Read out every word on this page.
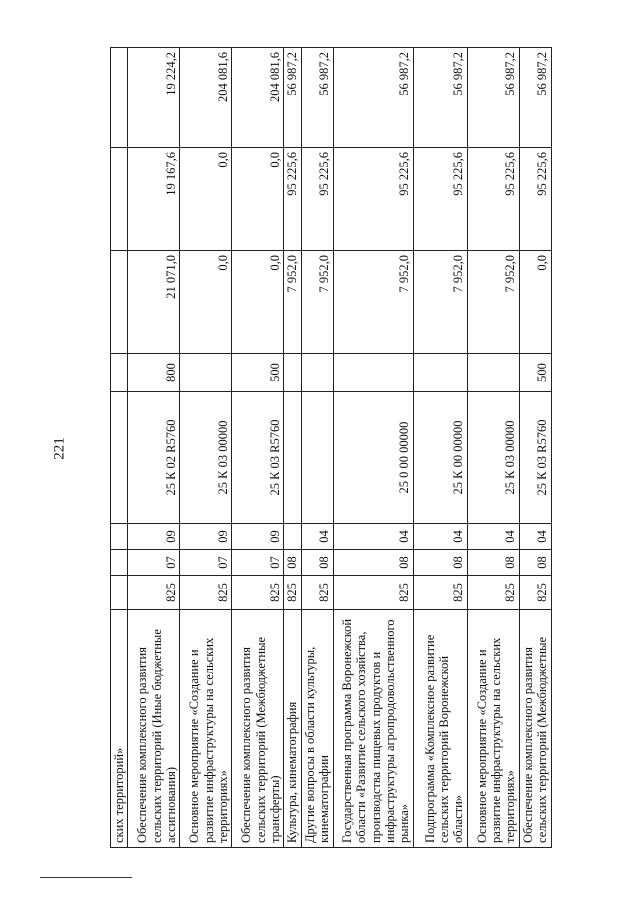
221
ских территорий»								
Обеспечение комплексного развития сельских территорий (Иные бюджетные ассигнования)	825	07	09	25 К 02 R5760	800	21 071,0	19 167,6	19 224,2
Основное мероприятие «Создание и развитие инфраструктуры на сельских территориях»	825	07	09	25 К 03 00000		0,0	0,0	204 081,6
Обеспечение комплексного развития сельских территорий (Межбюджетные трансферты)	825	07	09	25 К 03 R5760	500	0,0	0,0	204 081,6
Культура, кинематография	825	08				7 952,0	95 225,6	56 987,2
Другие вопросы в области культуры, кинематографии	825	08	04			7 952,0	95 225,6	56 987,2
Государственная программа Воронежской области «Развитие сельского хозяйства, производства пищевых продуктов и инфраструктуры агропродовольственного рынка»	825	08	04	25 0 00 00000		7 952,0	95 225,6	56 987,2
Подпрограмма «Комплексное развитие сельских территорий Воронежской области»	825	08	04	25 К 00 00000		7 952,0	95 225,6	56 987,2
Основное мероприятие «Создание и развитие инфраструктуры на сельских территориях»	825	08	04	25 К 03 00000		7 952,0	95 225,6	56 987,2
Обеспечение комплексного развития сельских территорий (Межбюджетные	825	08	04	25 К 03 R5760	500	0,0	95 225,6	56 987,2
